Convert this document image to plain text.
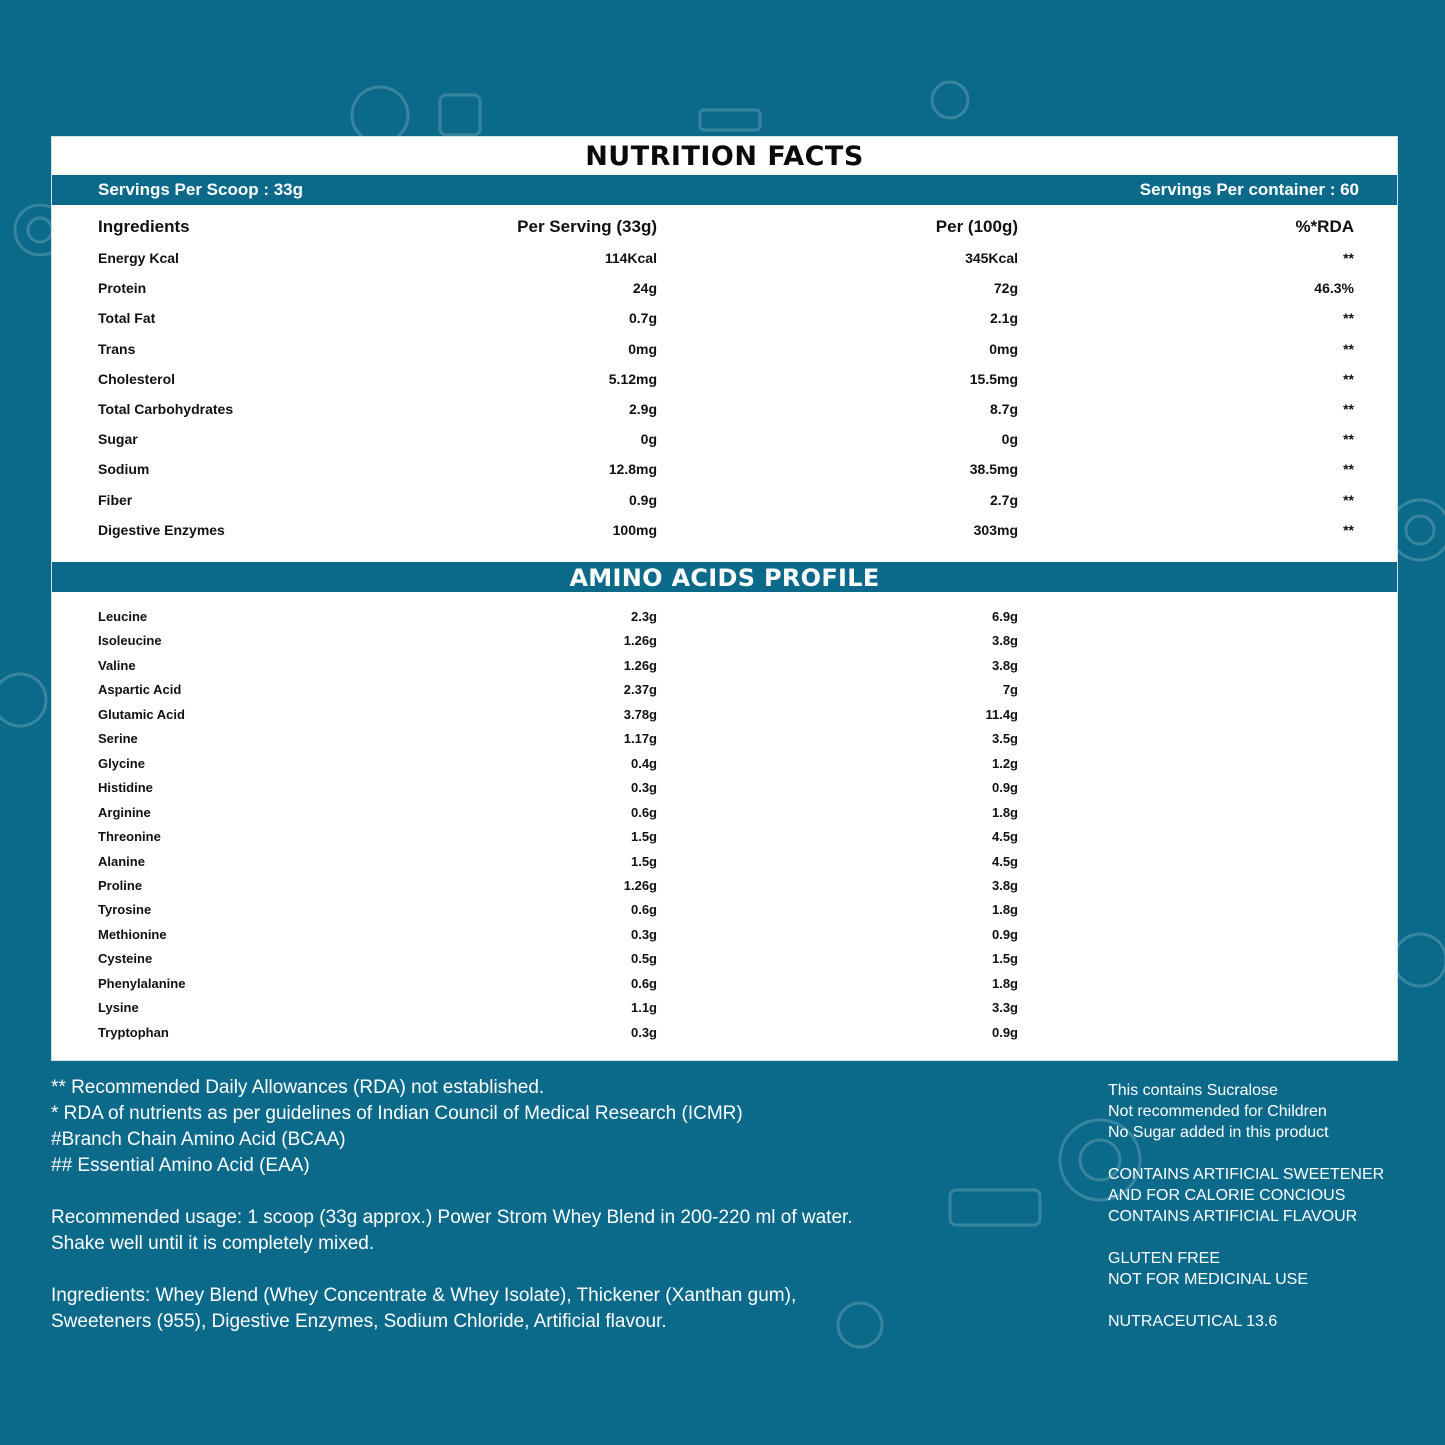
NUTRITION FACTS
Servings Per Scoop : 33g	Servings Per container : 60
Ingredients	Per Serving (33g)	Per (100g)	%*RDA
Energy Kcal	114Kcal	345Kcal	**
Protein	24g	72g	46.3%
Total Fat	0.7g	2.1g	**
Trans	0mg	0mg	**
Cholesterol	5.12mg	15.5mg	**
Total Carbohydrates	2.9g	8.7g	**
Sugar	0g	0g	**
Sodium	12.8mg	38.5mg	**
Fiber	0.9g	2.7g	**
Digestive Enzymes	100mg	303mg	**
AMINO ACIDS PROFILE
Leucine	2.3g	6.9g
Isoleucine	1.26g	3.8g
Valine	1.26g	3.8g
Aspartic Acid	2.37g	7g
Glutamic Acid	3.78g	11.4g
Serine	1.17g	3.5g
Glycine	0.4g	1.2g
Histidine	0.3g	0.9g
Arginine	0.6g	1.8g
Threonine	1.5g	4.5g
Alanine	1.5g	4.5g
Proline	1.26g	3.8g
Tyrosine	0.6g	1.8g
Methionine	0.3g	0.9g
Cysteine	0.5g	1.5g
Phenylalanine	0.6g	1.8g
Lysine	1.1g	3.3g
Tryptophan	0.3g	0.9g

** Recommended Daily Allowances (RDA) not established.

* RDA of nutrients as per guidelines of Indian Council of Medical Research (ICMR)

#Branch Chain Amino Acid (BCAA)

## Essential Amino Acid (EAA)

Recommended usage: 1 scoop (33g approx.) Power Strom Whey Blend in 200-220 ml of water.

Shake well until it is completely mixed.

Ingredients: Whey Blend (Whey Concentrate & Whey Isolate), Thickener (Xanthan gum),

Sweeteners (955), Digestive Enzymes, Sodium Chloride, Artificial flavour.

This contains Sucralose

Not recommended for Children

No Sugar added in this product

CONTAINS ARTIFICIAL SWEETENER

AND FOR CALORIE CONCIOUS

CONTAINS ARTIFICIAL FLAVOUR

GLUTEN FREE

NOT FOR MEDICINAL USE

NUTRACEUTICAL 13.6
